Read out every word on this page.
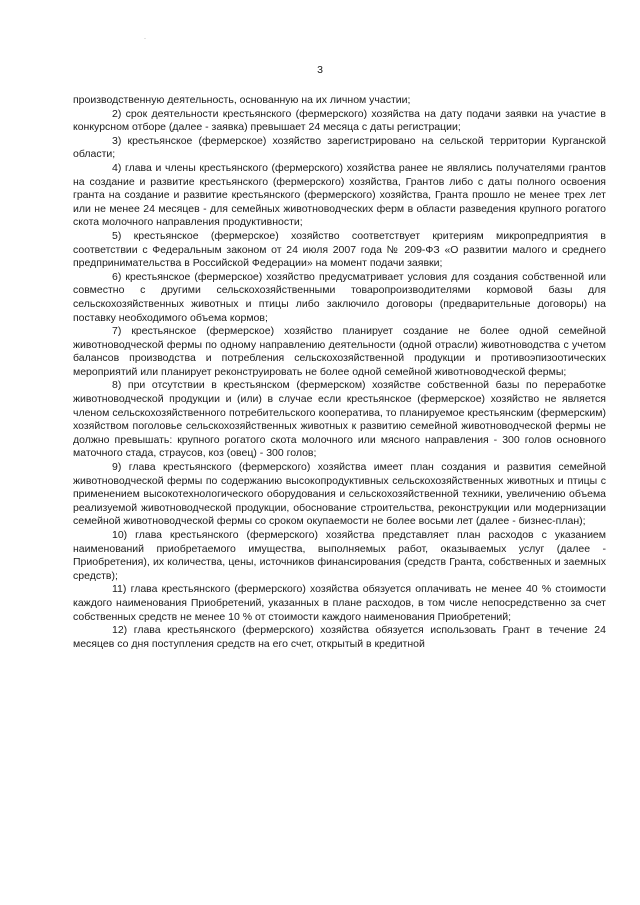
·
3

производственную деятельность, основанную на их личном участии;

2) срок деятельности крестьянского (фермерского) хозяйства на дату подачи заявки на участие в конкурсном отборе (далее - заявка) превышает 24 месяца с даты регистрации;

3) крестьянское (фермерское) хозяйство зарегистрировано на сельской территории Курганской области;

4) глава и члены крестьянского (фермерского) хозяйства ранее не являлись получателями грантов на создание и развитие крестьянского (фермерского) хозяйства, Грантов либо с даты полного освоения гранта на создание и развитие крестьянского (фермерского) хозяйства, Гранта прошло не менее трех лет или не менее 24 месяцев - для семейных животноводческих ферм в области разведения крупного рогатого скота молочного направления продуктивности;

5) крестьянское (фермерское) хозяйство соответствует критериям микропредприятия в соответствии с Федеральным законом от 24 июля 2007 года № 209-ФЗ «О развитии малого и среднего предпринимательства в Российской Федерации» на момент подачи заявки;

6) крестьянское (фермерское) хозяйство предусматривает условия для создания собственной или совместно с другими сельскохозяйственными товаропроизводителями кормовой базы для сельскохозяйственных животных и птицы либо заключило договоры (предварительные договоры) на поставку необходимого объема кормов;

7) крестьянское (фермерское) хозяйство планирует создание не более одной семейной животноводческой фермы по одному направлению деятельности (одной отрасли) животноводства с учетом балансов производства и потребления сельскохозяйственной продукции и противоэпизоотических мероприятий или планирует реконструировать не более одной семейной животноводческой фермы;

8) при отсутствии в крестьянском (фермерском) хозяйстве собственной базы по переработке животноводческой продукции и (или) в случае если крестьянское (фермерское) хозяйство не является членом сельскохозяйственного потребительского кооператива, то планируемое крестьянским (фермерским) хозяйством поголовье сельскохозяйственных животных к развитию семейной животноводческой фермы не должно превышать: крупного рогатого скота молочного или мясного направления - 300 голов основного маточного стада, страусов, коз (овец) - 300 голов;

9) глава крестьянского (фермерского) хозяйства имеет план создания и развития семейной животноводческой фермы по содержанию высокопродуктивных сельскохозяйственных животных и птицы с применением высокотехнологического оборудования и сельскохозяйственной техники, увеличению объема реализуемой животноводческой продукции, обоснование строительства, реконструкции или модернизации семейной животноводческой фермы со сроком окупаемости не более восьми лет (далее - бизнес-план);

10) глава крестьянского (фермерского) хозяйства представляет план расходов с указанием наименований приобретаемого имущества, выполняемых работ, оказываемых услуг (далее - Приобретения), их количества, цены, источников финансирования (средств Гранта, собственных и заемных средств);

11) глава крестьянского (фермерского) хозяйства обязуется оплачивать не менее 40 % стоимости каждого наименования Приобретений, указанных в плане расходов, в том числе непосредственно за счет собственных средств не менее 10 % от стоимости каждого наименования Приобретений;

12) глава крестьянского (фермерского) хозяйства обязуется использовать Грант в течение 24 месяцев со дня поступления средств на его счет, открытый в кредитной
